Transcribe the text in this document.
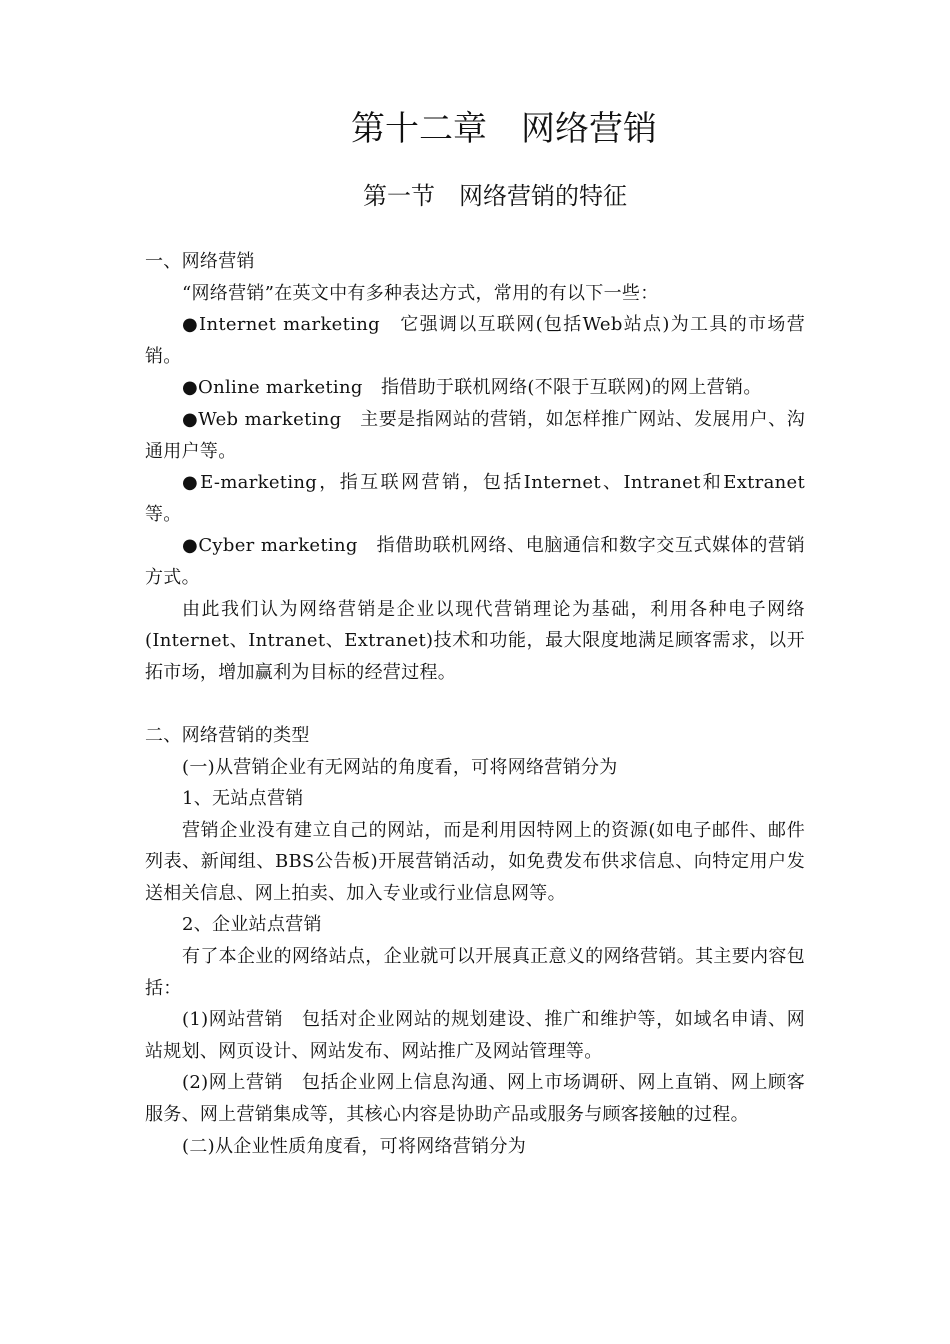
第十二章　网络营销
第一节　网络营销的特征

一、网络营销

“网络营销”在英文中有多种表达方式，常用的有以下一些：

●Internet marketing　它强调以互联网(包括Web站点)为工具的市场营销。

●Online marketing　指借助于联机网络(不限于互联网)的网上营销。

●Web marketing　主要是指网站的营销，如怎样推广网站、发展用户、沟通用户等。

●E-marketing，指互联网营销，包括Internet、Intranet和Extranet等。

●Cyber marketing　指借助联机网络、电脑通信和数字交互式媒体的营销方式。

由此我们认为网络营销是企业以现代营销理论为基础，利用各种电子网络(Internet、Intranet、Extranet)技术和功能，最大限度地满足顾客需求，以开拓市场，增加赢利为目标的经营过程。

二、网络营销的类型

(一)从营销企业有无网站的角度看，可将网络营销分为

1、无站点营销

营销企业没有建立自己的网站，而是利用因特网上的资源(如电子邮件、邮件列表、新闻组、BBS公告板)开展营销活动，如免费发布供求信息、向特定用户发送相关信息、网上拍卖、加入专业或行业信息网等。

2、企业站点营销

有了本企业的网络站点，企业就可以开展真正意义的网络营销。其主要内容包括：

(1)网站营销　包括对企业网站的规划建设、推广和维护等，如域名申请、网站规划、网页设计、网站发布、网站推广及网站管理等。

(2)网上营销　包括企业网上信息沟通、网上市场调研、网上直销、网上顾客服务、网上营销集成等，其核心内容是协助产品或服务与顾客接触的过程。

(二)从企业性质角度看，可将网络营销分为
